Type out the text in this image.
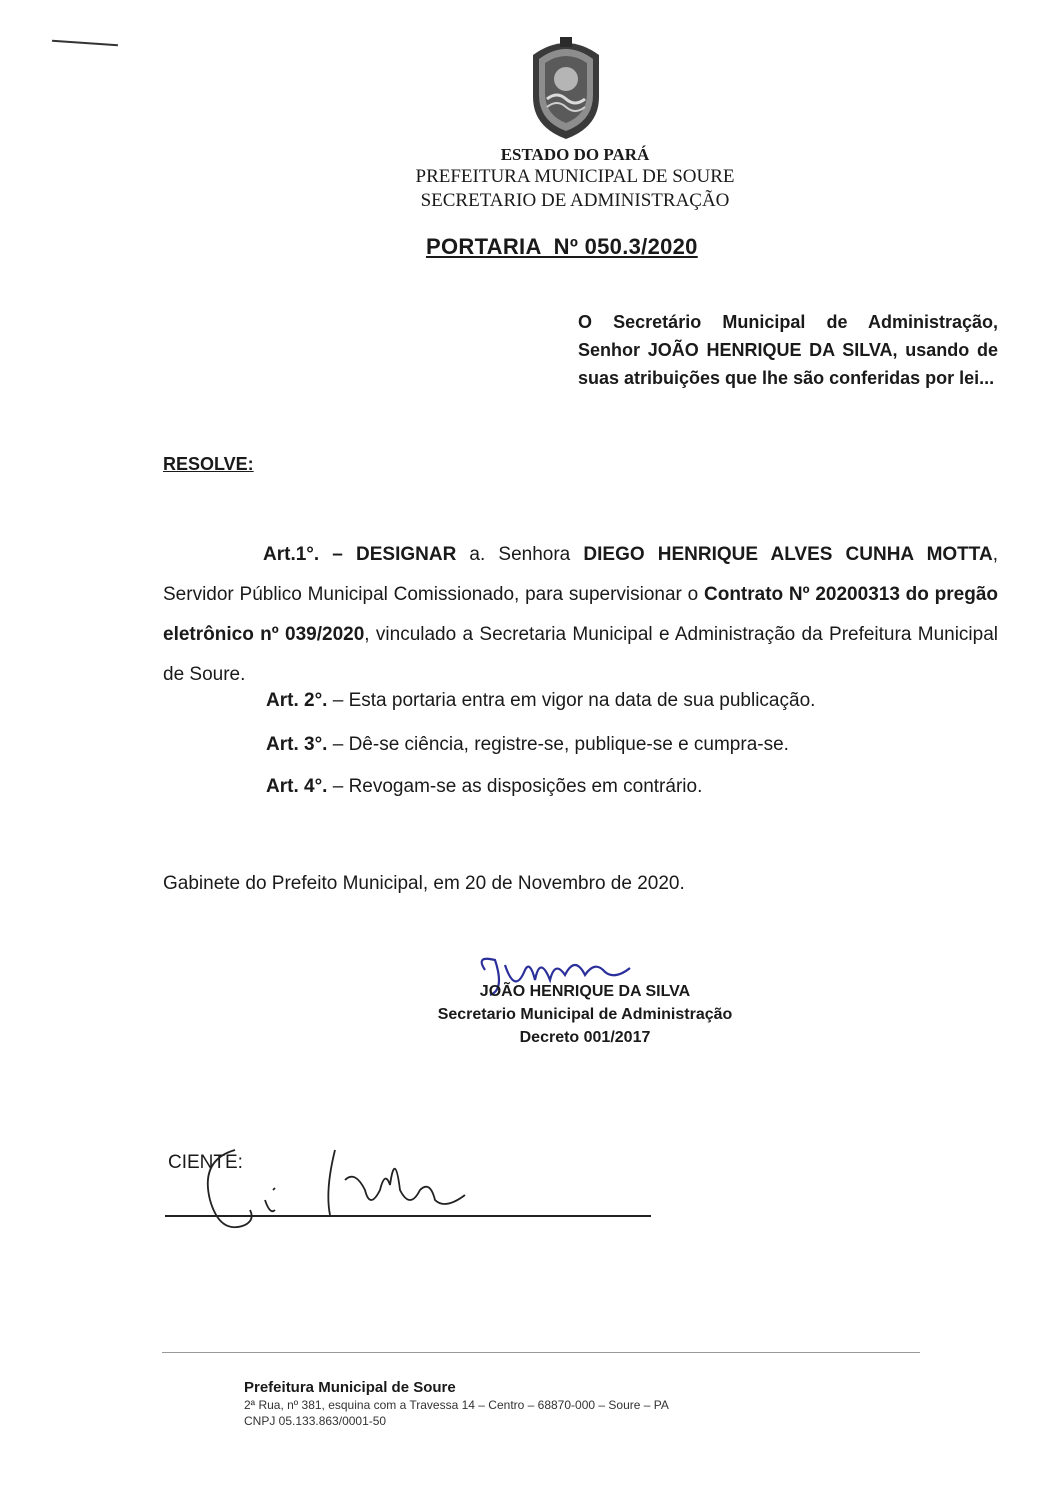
ESTADO DO PARÁ
PREFEITURA MUNICIPAL DE SOURE
SECRETARIO DE ADMINISTRAÇÃO
PORTARIA  Nº 050.3/2020
O Secretário Municipal de Administração, Senhor JOÃO HENRIQUE DA SILVA, usando de suas atribuições que lhe são conferidas por lei...
RESOLVE:
Art.1°. – DESIGNAR a. Senhora DIEGO HENRIQUE ALVES CUNHA MOTTA, Servidor Público Municipal Comissionado, para supervisionar o Contrato Nº 20200313 do pregão eletrônico nº 039/2020, vinculado a Secretaria Municipal e Administração da Prefeitura Municipal de Soure.
Art. 2°. – Esta portaria entra em vigor na data de sua publicação.
Art. 3°. – Dê-se ciência, registre-se, publique-se e cumpra-se.
Art. 4°. – Revogam-se as disposições em contrário.
Gabinete do Prefeito Municipal, em 20 de Novembro de 2020.
JOÃO HENRIQUE DA SILVA
Secretario Municipal de Administração
Decreto 001/2017
CIENTE:
Prefeitura Municipal de Soure
2ª Rua, nº 381, esquina com a Travessa 14 – Centro – 68870-000 – Soure – PA
CNPJ 05.133.863/0001-50
